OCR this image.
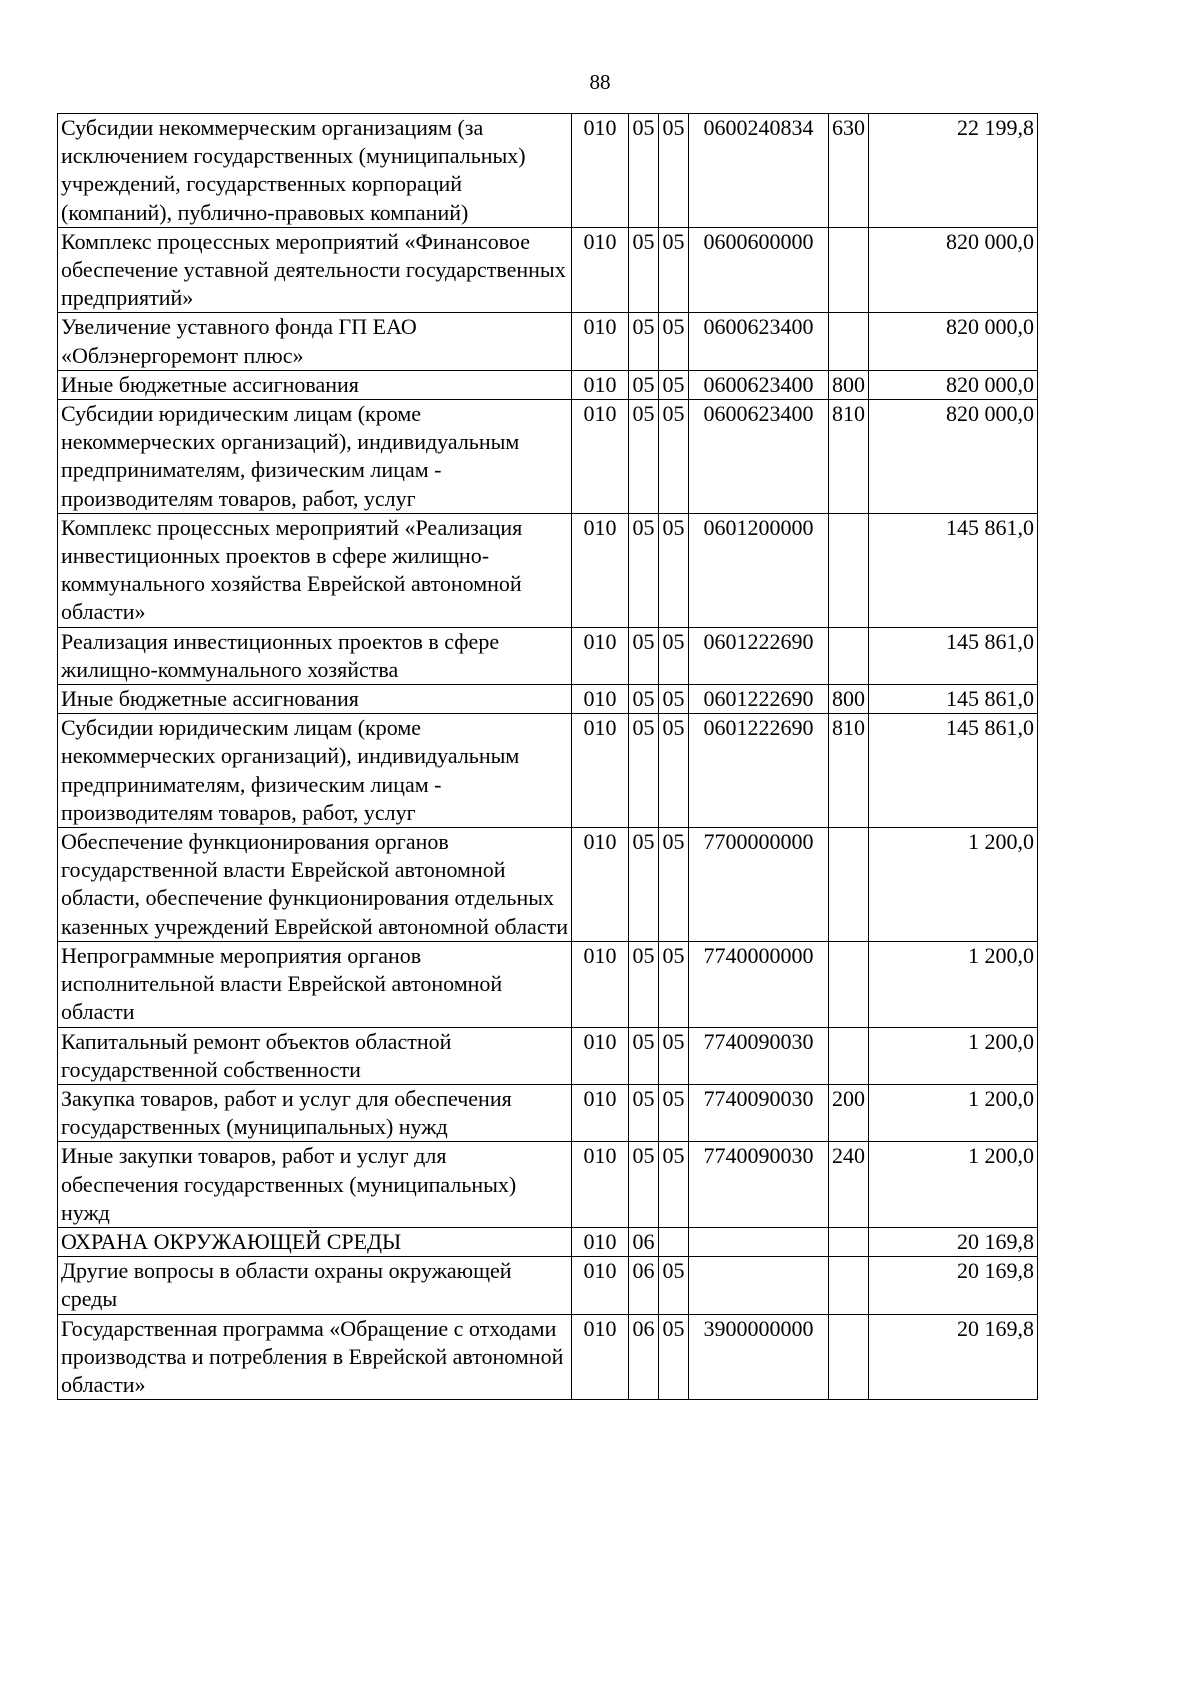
88
Субсидии некоммерческим организациям (за исключением государственных (муниципальных) учреждений, государственных корпораций (компаний), публично-правовых компаний)	010	05	05	0600240834	630	22 199,8
Комплекс процессных мероприятий «Финансовое обеспечение уставной деятельности государственных предприятий»	010	05	05	0600600000		820 000,0
Увеличение уставного фонда ГП ЕАО «Облэнергоремонт плюс»	010	05	05	0600623400		820 000,0
Иные бюджетные ассигнования	010	05	05	0600623400	800	820 000,0
Субсидии юридическим лицам (кроме некоммерческих организаций), индивидуальным предпринимателям, физическим лицам - производителям товаров, работ, услуг	010	05	05	0600623400	810	820 000,0
Комплекс процессных мероприятий «Реализация инвестиционных проектов в сфере жилищно-коммунального хозяйства Еврейской автономной области»	010	05	05	0601200000		145 861,0
Реализация инвестиционных проектов в сфере жилищно-коммунального хозяйства	010	05	05	0601222690		145 861,0
Иные бюджетные ассигнования	010	05	05	0601222690	800	145 861,0
Субсидии юридическим лицам (кроме некоммерческих организаций), индивидуальным предпринимателям, физическим лицам - производителям товаров, работ, услуг	010	05	05	0601222690	810	145 861,0
Обеспечение функционирования органов государственной власти Еврейской автономной области, обеспечение функционирования отдельных казенных учреждений Еврейской автономной области	010	05	05	7700000000		1 200,0
Непрограммные мероприятия органов исполнительной власти Еврейской автономной области	010	05	05	7740000000		1 200,0
Капитальный ремонт объектов областной государственной собственности	010	05	05	7740090030		1 200,0
Закупка товаров, работ и услуг для обеспечения государственных (муниципальных) нужд	010	05	05	7740090030	200	1 200,0
Иные закупки товаров, работ и услуг для обеспечения государственных (муниципальных) нужд	010	05	05	7740090030	240	1 200,0
ОХРАНА ОКРУЖАЮЩЕЙ СРЕДЫ	010	06				20 169,8
Другие вопросы в области охраны окружающей среды	010	06	05			20 169,8
Государственная программа «Обращение с отходами производства и потребления в Еврейской автономной области»	010	06	05	3900000000		20 169,8
